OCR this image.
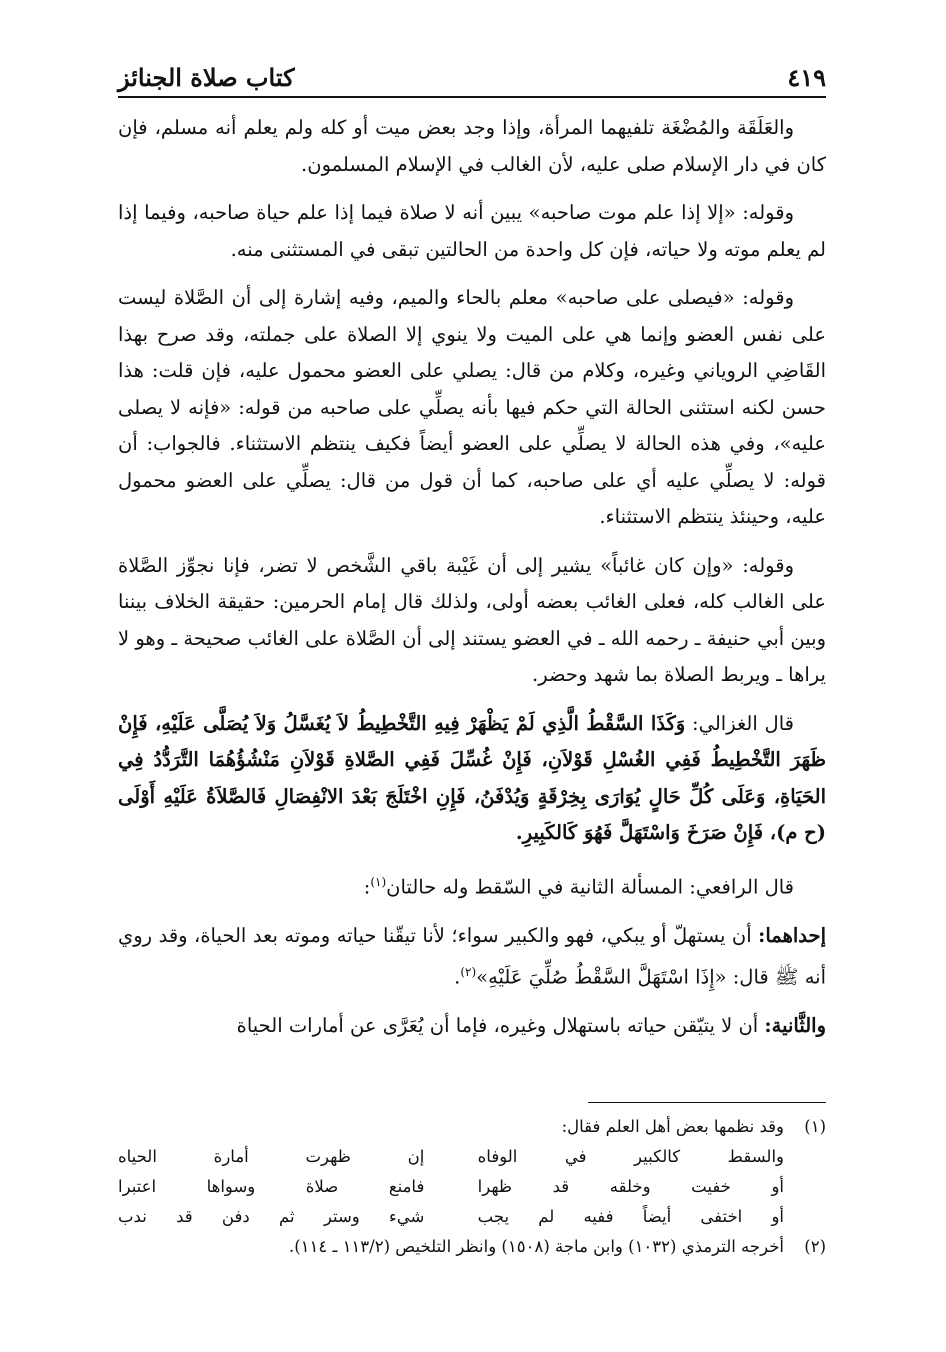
كتاب صلاة الجنائز	٤١٩

والعَلَقَة والمُضْغَة تلفيهما المرأة، وإذا وجد بعض ميت أو كله ولم يعلم أنه مسلم، فإن كان في دار الإسلام صلى عليه، لأن الغالب في الإسلام المسلمون.

وقوله: «إلا إذا علم موت صاحبه» يبين أنه لا صلاة فيما إذا علم حياة صاحبه، وفيما إذا لم يعلم موته ولا حياته، فإن كل واحدة من الحالتين تبقى في المستثنى منه.

وقوله: «فيصلى على صاحبه» معلم بالحاء والميم، وفيه إشارة إلى أن الصَّلاة ليست على نفس العضو وإنما هي على الميت ولا ينوي إلا الصلاة على جملته، وقد صرح بهذا القَاضِي الروياني وغيره، وكلام من قال: يصلي على العضو محمول عليه، فإن قلت: هذا حسن لكنه استثنى الحالة التي حكم فيها بأنه يصلِّي على صاحبه من قوله: «فإنه لا يصلى عليه»، وفي هذه الحالة لا يصلِّي على العضو أيضاً فكيف ينتظم الاستثناء. فالجواب: أن قوله: لا يصلِّي عليه أي على صاحبه، كما أن قول من قال: يصلِّي على العضو محمول عليه، وحينئذ ينتظم الاستثناء.

وقوله: «وإن كان غائباً» يشير إلى أن غَيْبة باقي الشَّخص لا تضر، فإنا نجوِّز الصَّلاة على الغالب كله، فعلى الغائب بعضه أولى، ولذلك قال إمام الحرمين: حقيقة الخلاف بيننا وبين أبي حنيفة ـ رحمه الله ـ في العضو يستند إلى أن الصَّلاة على الغائب صحيحة ـ وهو لا يراها ـ ويربط الصلاة بما شهد وحضر.

قال الغزالي: وَكَذَا السَّقْطُ الَّذِي لَمْ يَظْهَرْ فِيهِ التَّخْطِيطُ لاَ يُغَسَّلُ وَلاَ يُصَلَّى عَلَيْهِ، فَإِنْ ظَهَرَ التَّخْطِيطُ فَفِي الغُسْلِ قَوْلاَنِ، فَإِنْ غُسِّلَ فَفِي الصَّلاةِ قَوْلاَنِ مَنْشُؤُهُمَا التَّرَدُّدُ فِي الحَيَاةِ، وَعَلَى كُلِّ حَالٍ يُوَارَى بِخِرْقَةٍ وَيُدْفَنُ، فَإِنِ اخْتَلَجَ بَعْدَ الانْفِصَالِ فَالصَّلاَةُ عَلَيْهِ أَوْلَى (ح م)، فَإِنْ صَرَخَ وَاسْتَهَلَّ فَهُوَ كَالكَبِيرِ.

قال الرافعي: المسألة الثانية في السّقط وله حالتان$^{(١)}$:

إحداهما: أن يستهلّ أو يبكي، فهو والكبير سواء؛ لأنا تيقّنا حياته وموته بعد الحياة، وقد روي أنه ﷺ قال: «إِذَا اسْتَهَلَّ السَّقْطُ صُلِّيَ عَلَيْهِ»$^{(٢)}$.

والثَّانية: أن لا يتيّقن حياته باستهلال وغيره، فإما أن يُعَرَّى عن أمارات الحياة

(١)
وقد نظمها بعض أهل العلم فقال:
والسقط كالكبير في الوفاه
إن ظهرت أمارة الحياه
أو خفيت وخلقه قد ظهرا
فامنع صلاة وسواها اعتبرا
أو اختفى أيضاً ففيه لم يجب
شيء وستر ثم دفن قد ندب
(٢)
أخرجه الترمذي (١٠٣٢) وابن ماجة (١٥٠٨) وانظر التلخيص (١١٣/٢ ـ ١١٤).
